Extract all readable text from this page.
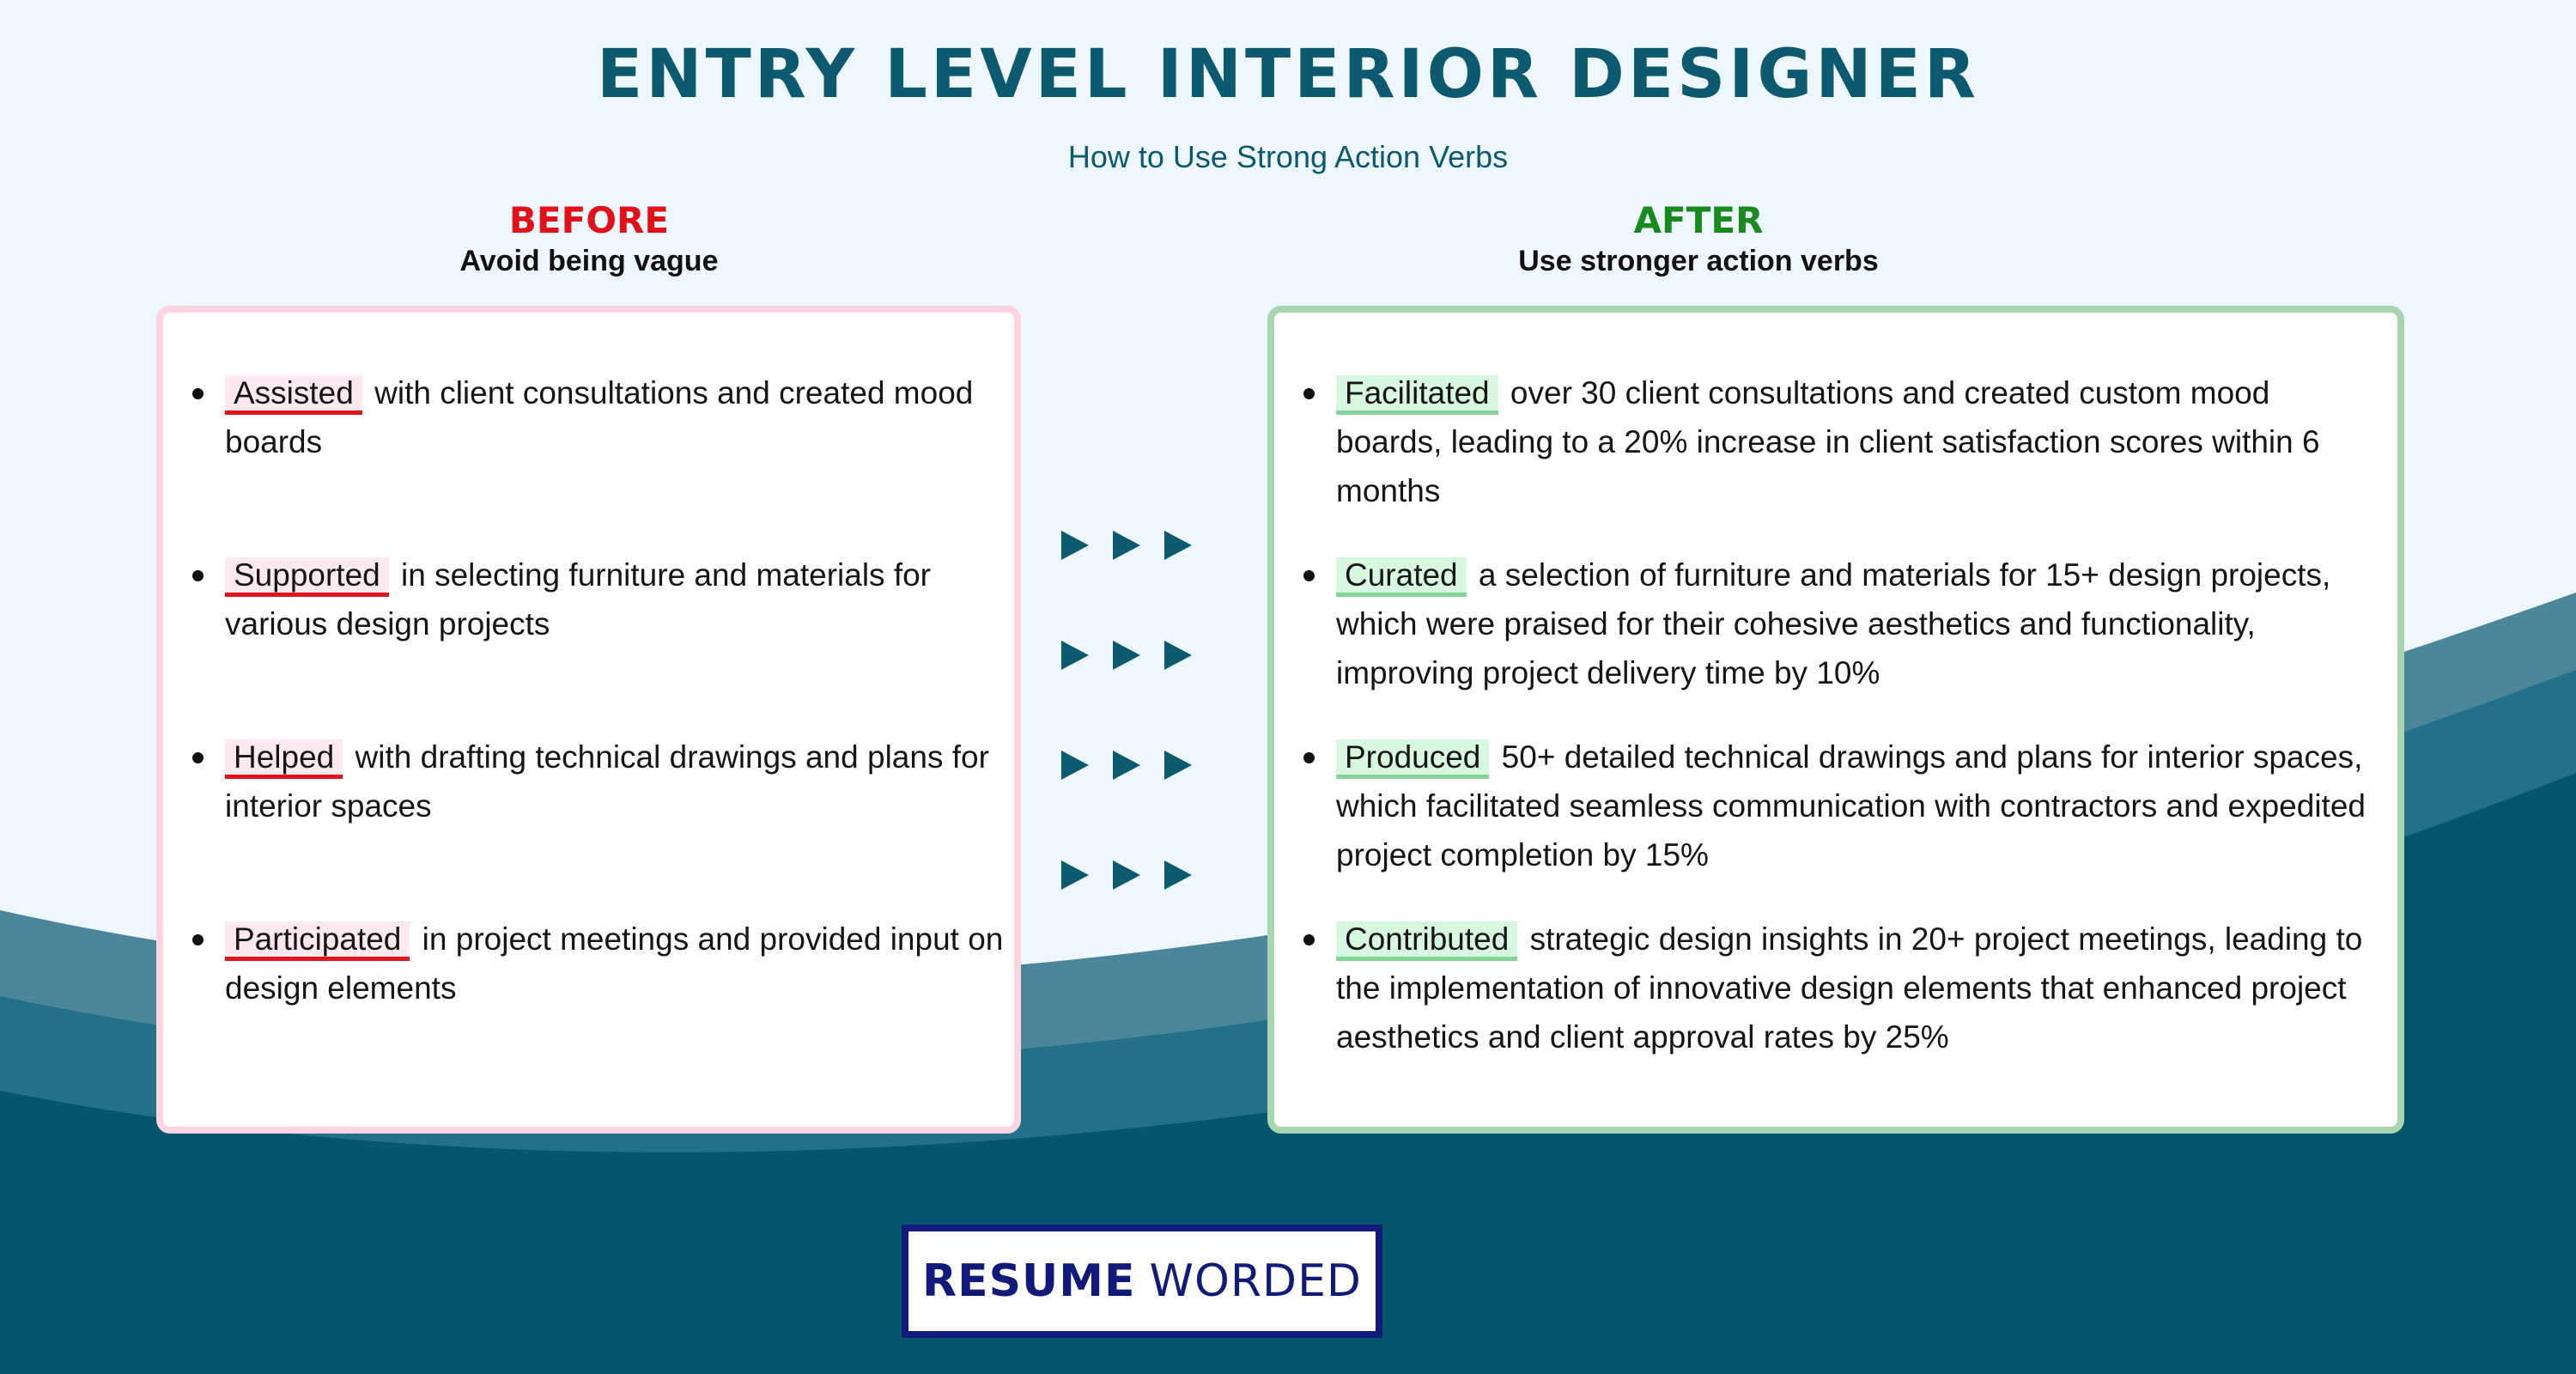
ENTRY LEVEL INTERIOR DESIGNER
How to Use Strong Action Verbs
BEFORE
Avoid being vague
AFTER
Use stronger action verbs
Assisted with client consultations and created mood boards
Supported in selecting furniture and materials for various design projects
Helped with drafting technical drawings and plans for interior spaces
Participated in project meetings and provided input on design elements
Facilitated over 30 client consultations and created custom mood boards, leading to a 20% increase in client satisfaction scores within 6 months
Curated a selection of furniture and materials for 15+ design projects, which were praised for their cohesive aesthetics and functionality, improving project delivery time by 10%
Produced 50+ detailed technical drawings and plans for interior spaces, which facilitated seamless communication with contractors and expedited project completion by 15%
Contributed strategic design insights in 20+ project meetings, leading to the implementation of innovative design elements that enhanced project aesthetics and client approval rates by 25%
RESUME WORDED
